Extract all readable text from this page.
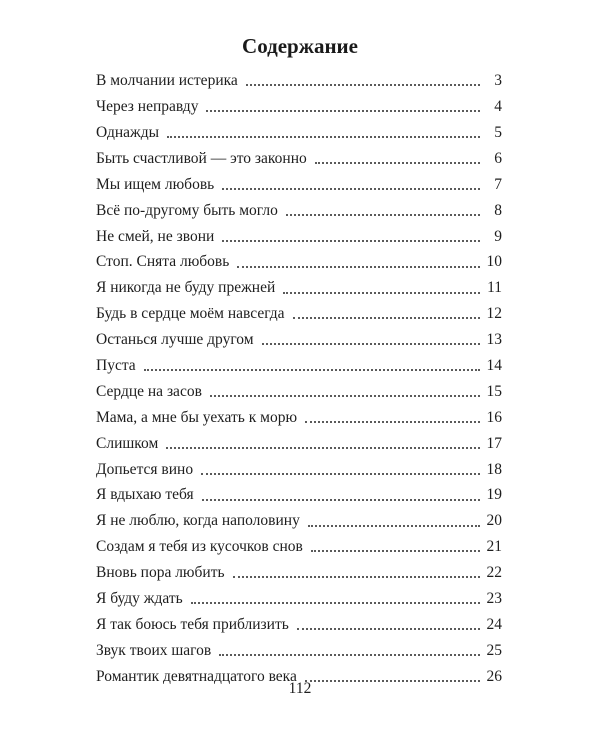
Содержание
В молчании истерика	3
Через неправду	4
Однажды	5
Быть счастливой — это законно	6
Мы ищем любовь	7
Всё по-другому быть могло	8
Не смей, не звони	9
Стоп. Снята любовь	10
Я никогда не буду прежней	11
Будь в сердце моём навсегда	12
Останься лучше другом	13
Пуста	14
Сердце на засов	15
Мама, а мне бы уехать к морю	16
Слишком	17
Допьется вино	18
Я вдыхаю тебя	19
Я не люблю, когда наполовину	20
Создам я тебя из кусочков снов	21
Вновь пора любить	22
Я буду ждать	23
Я так боюсь тебя приблизить	24
Звук твоих шагов	25
Романтик девятнадцатого века	26
112
